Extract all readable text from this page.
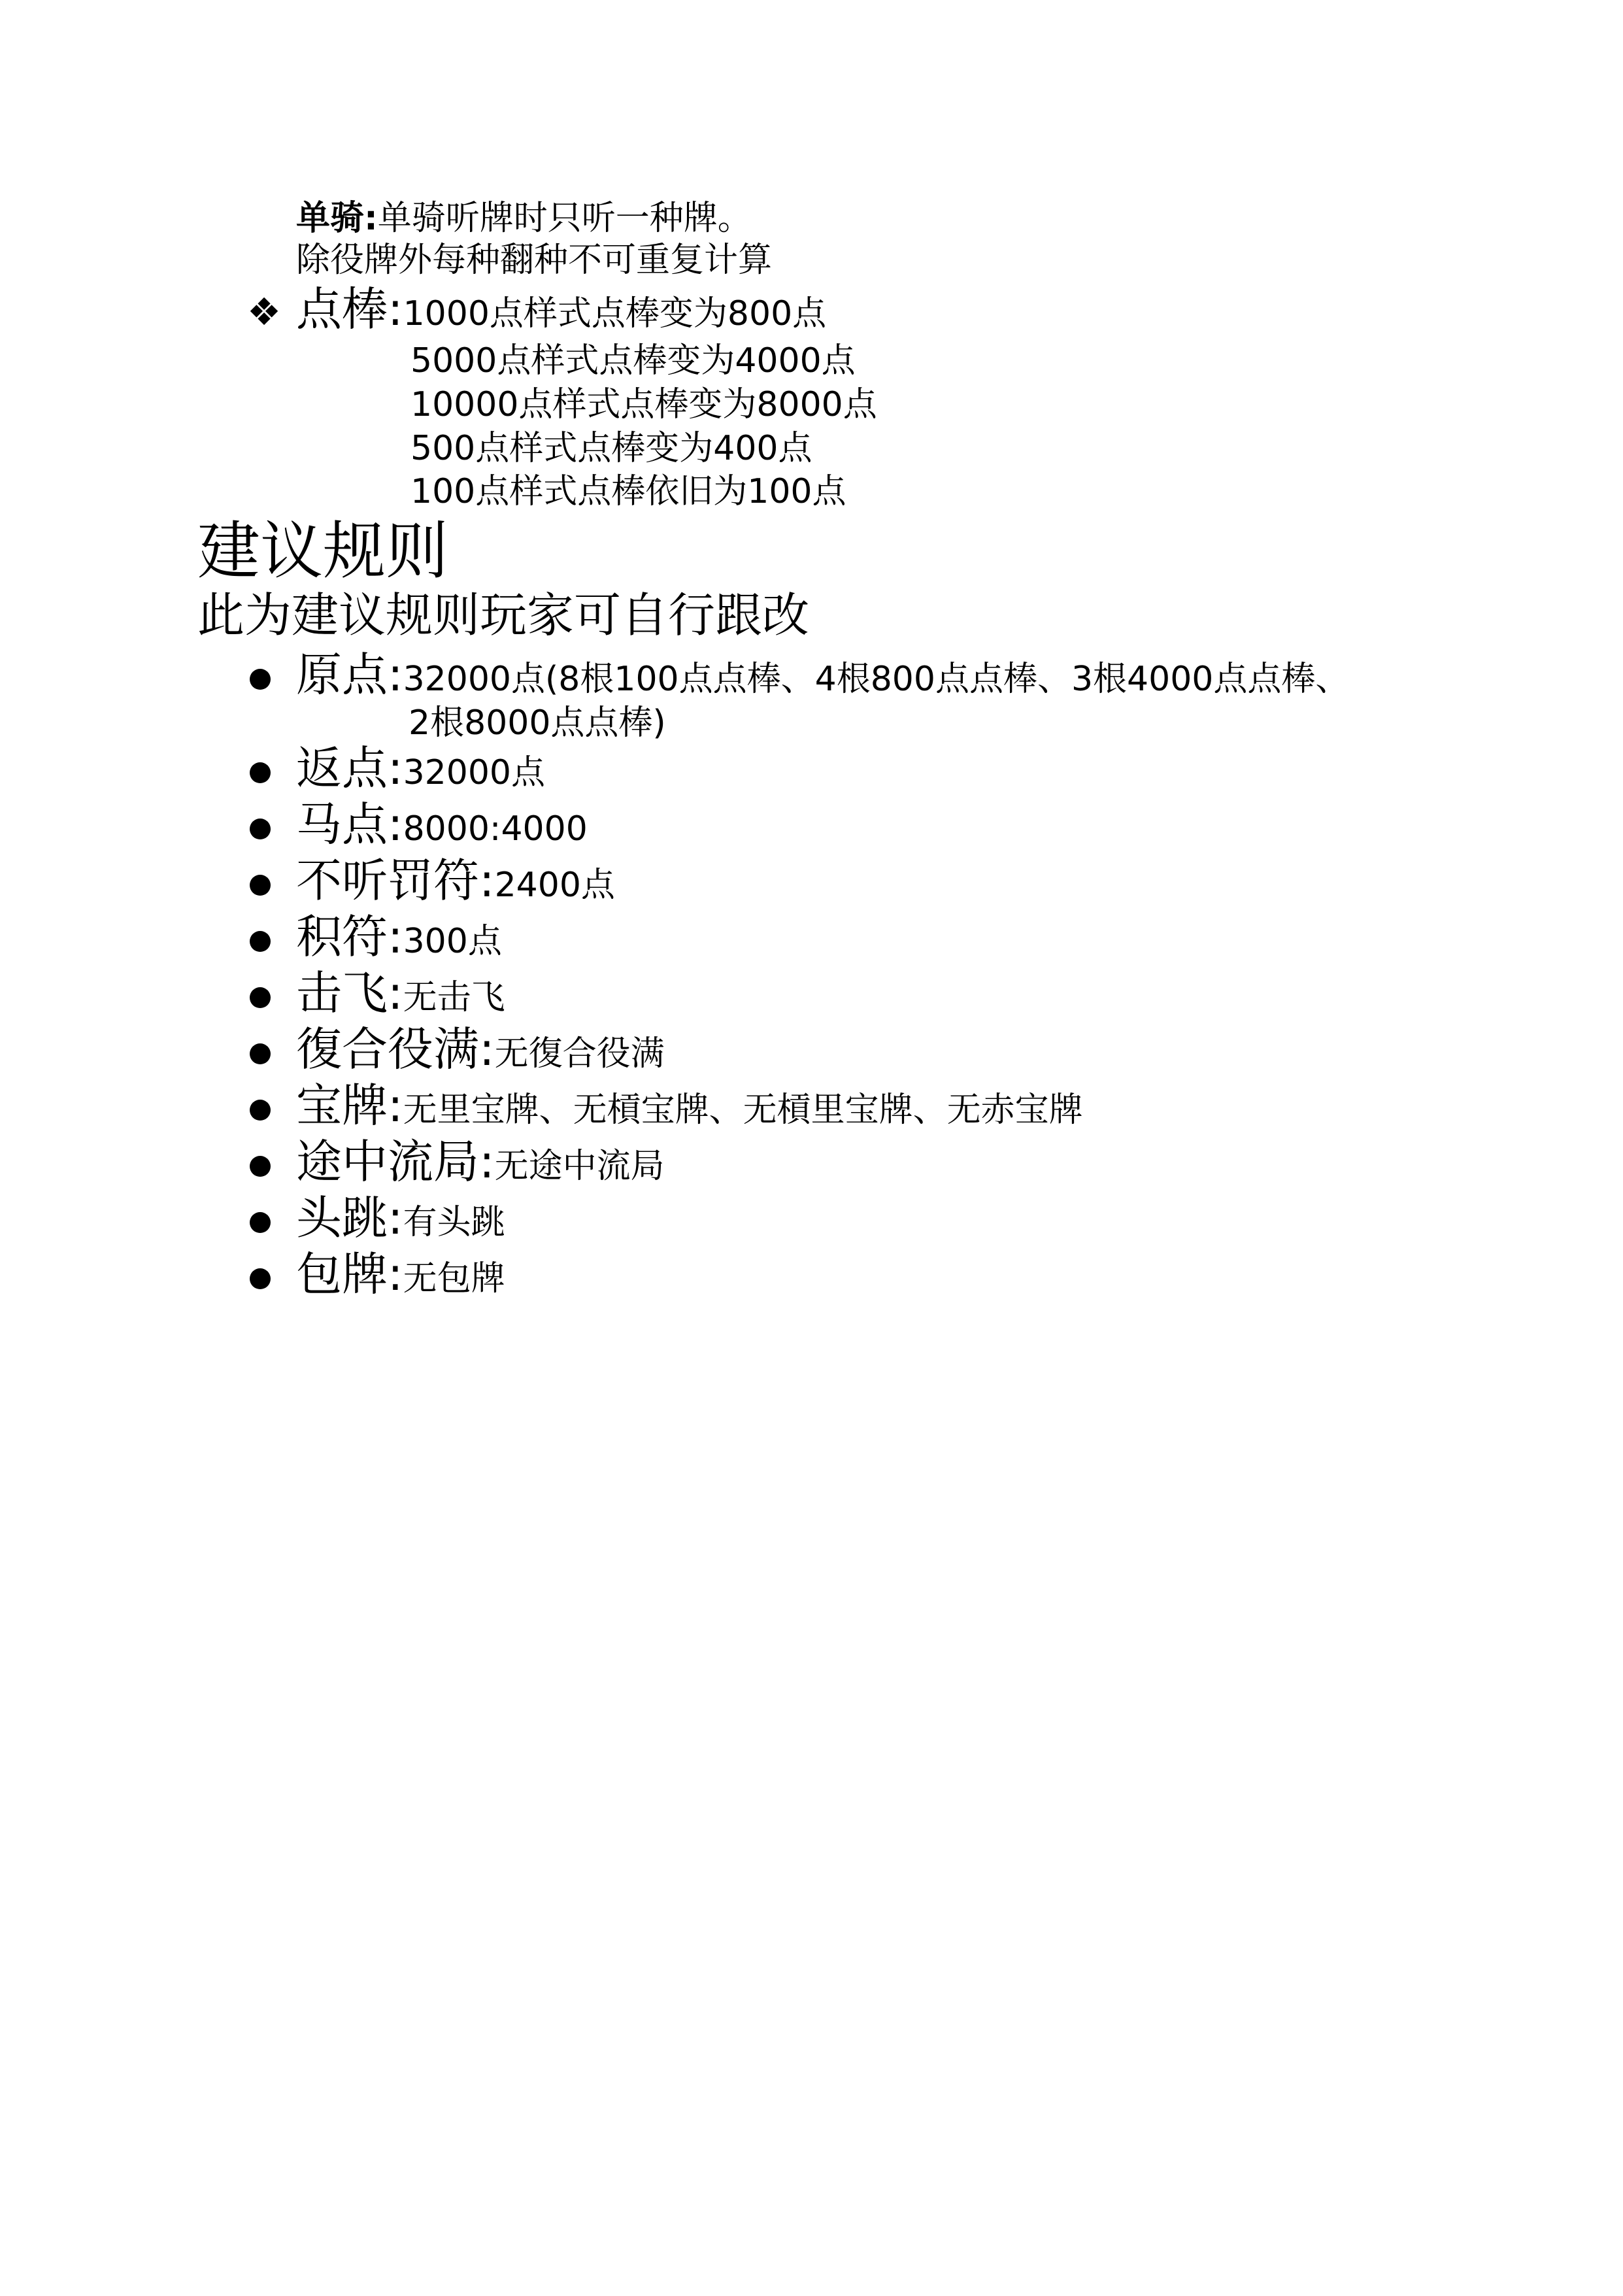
单骑:单骑听牌时只听一种牌。
除役牌外每种翻种不可重复计算
❖ 点棒:1000点样式点棒变为800点
5000点样式点棒变为4000点
10000点样式点棒变为8000点
500点样式点棒变为400点
100点样式点棒依旧为100点
建议规则
此为建议规则玩家可自行跟改
原点:32000点(8根100点点棒、4根800点点棒、3根4000点点棒、
2根8000点点棒)
返点:32000点
马点:8000:4000
不听罚符:2400点
积符:300点
击飞:无击飞
復合役满:无復合役满
宝牌:无里宝牌、无槓宝牌、无槓里宝牌、无赤宝牌
途中流局:无途中流局
头跳:有头跳
包牌:无包牌
